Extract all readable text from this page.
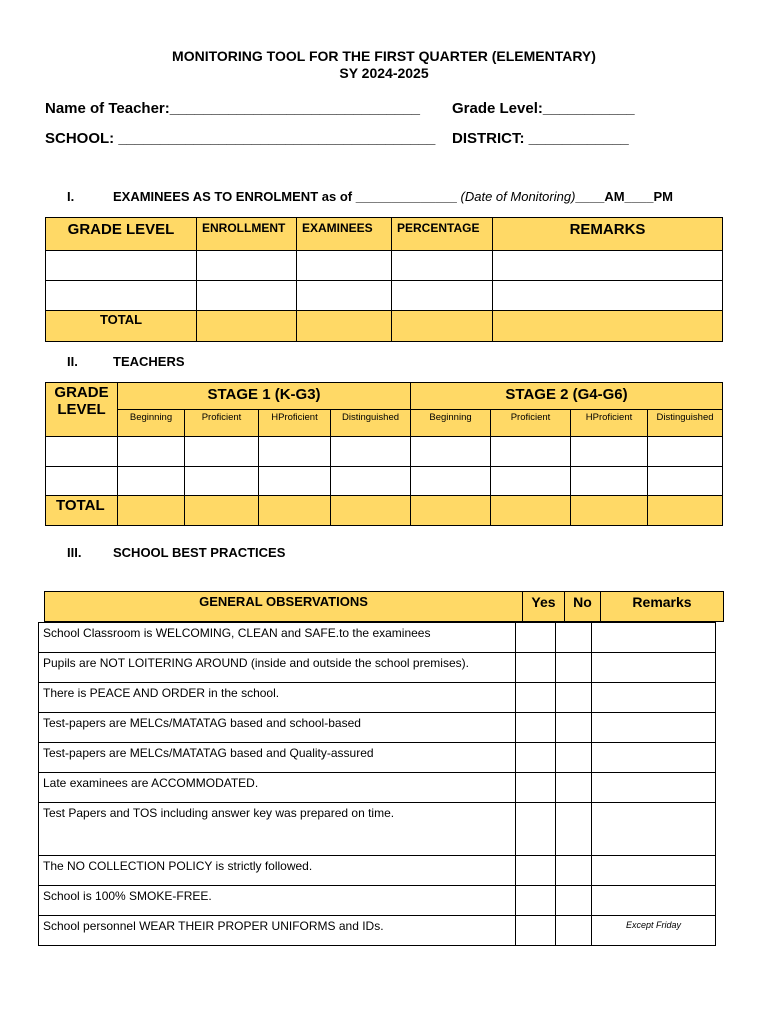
MONITORING TOOL FOR THE FIRST QUARTER (ELEMENTARY)
SY 2024-2025
Name of Teacher:______________________________ Grade Level:___________
SCHOOL: ______________________________________ DISTRICT: ____________
I.	EXAMINEES AS TO ENROLMENT as of ______________ (Date of Monitoring)____AM____PM
GRADE LEVEL	ENROLLMENT	EXAMINEES	PERCENTAGE	REMARKS

TOTAL				
II.	TEACHERS
GRADE LEVEL	STAGE 1 (K-G3)				STAGE 2 (G4-G6)			
	Beginning	Proficient	HProficient	Distinguished	Beginning	Proficient	HProficient	Distinguished

TOTAL								
III. SCHOOL BEST PRACTICES
GENERAL OBSERVATIONS	Yes	No	Remarks
School Classroom is WELCOMING, CLEAN and SAFE.to the examinees			
Pupils are NOT LOITERING AROUND (inside and outside the school premises).			
There is PEACE AND ORDER in the school.			
Test-papers are MELCs/MATATAG based and school-based			
Test-papers are MELCs/MATATAG based and Quality-assured			
Late examinees are ACCOMMODATED.			
Test Papers and TOS including answer key was prepared on time.			
The NO COLLECTION POLICY is strictly followed.			
School is 100% SMOKE-FREE.			
School personnel WEAR THEIR PROPER UNIFORMS and IDs.			Except Friday
